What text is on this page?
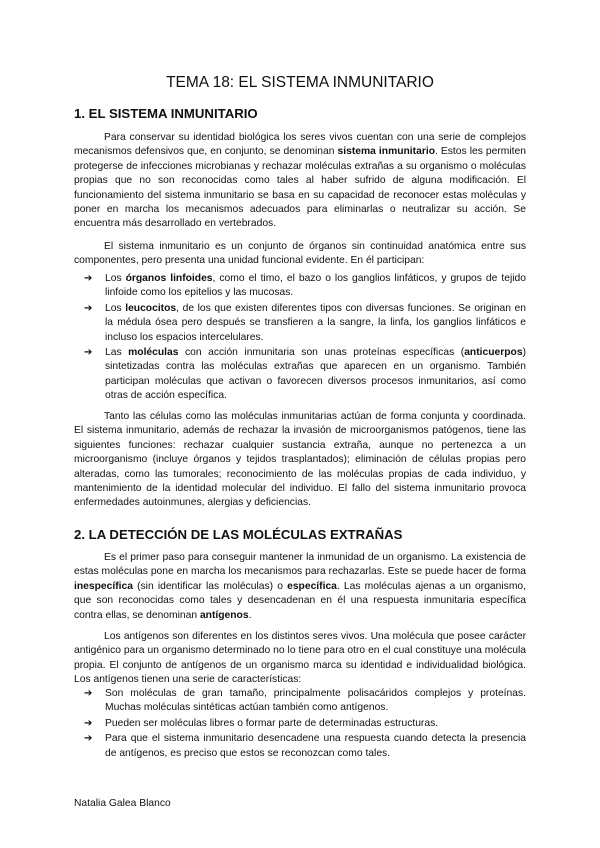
TEMA 18: EL SISTEMA INMUNITARIO
1. EL SISTEMA INMUNITARIO

Para conservar su identidad biológica los seres vivos cuentan con una serie de complejos mecanismos defensivos que, en conjunto, se denominan sistema inmunitario. Estos les permiten protegerse de infecciones microbianas y rechazar moléculas extrañas a su organismo o moléculas propias que no son reconocidas como tales al haber sufrido de alguna modificación. El funcionamiento del sistema inmunitario se basa en su capacidad de reconocer estas moléculas y poner en marcha los mecanismos adecuados para eliminarlas o neutralizar su acción. Se encuentra más desarrollado en vertebrados.

El sistema inmunitario es un conjunto de órganos sin continuidad anatómica entre sus componentes, pero presenta una unidad funcional evidente. En él participan:

➔ Los órganos linfoides, como el timo, el bazo o los ganglios linfáticos, y grupos de tejido linfoide como los epitelios y las mucosas.
➔ Los leucocitos, de los que existen diferentes tipos con diversas funciones. Se originan en la médula ósea pero después se transfieren a la sangre, la linfa, los ganglios linfáticos e incluso los espacios intercelulares.
➔ Las moléculas con acción inmunitaria son unas proteínas específicas (anticuerpos) sintetizadas contra las moléculas extrañas que aparecen en un organismo. También participan moléculas que activan o favorecen diversos procesos inmunitarios, así como otras de acción específica.

Tanto las células como las moléculas inmunitarias actúan de forma conjunta y coordinada. El sistema inmunitario, además de rechazar la invasión de microorganismos patógenos, tiene las siguientes funciones: rechazar cualquier sustancia extraña, aunque no pertenezca a un microorganismo (incluye órganos y tejidos trasplantados); eliminación de células propias pero alteradas, como las tumorales; reconocimiento de las moléculas propias de cada individuo, y mantenimiento de la identidad molecular del individuo. El fallo del sistema inmunitario provoca enfermedades autoinmunes, alergias y deficiencias.

2. LA DETECCIÓN DE LAS MOLÉCULAS EXTRAÑAS

Es el primer paso para conseguir mantener la inmunidad de un organismo. La existencia de estas moléculas pone en marcha los mecanismos para rechazarlas. Este se puede hacer de forma inespecífica (sin identificar las moléculas) o específica. Las moléculas ajenas a un organismo, que son reconocidas como tales y desencadenan en él una respuesta inmunitaria específica contra ellas, se denominan antígenos.

Los antígenos son diferentes en los distintos seres vivos. Una molécula que posee carácter antigénico para un organismo determinado no lo tiene para otro en el cual constituye una molécula propia. El conjunto de antígenos de un organismo marca su identidad e individualidad biológica. Los antígenos tienen una serie de características:

➔ Son moléculas de gran tamaño, principalmente polisacáridos complejos y proteínas. Muchas moléculas sintéticas actúan también como antígenos.
➔ Pueden ser moléculas libres o formar parte de determinadas estructuras.
➔ Para que el sistema inmunitario desencadene una respuesta cuando detecta la presencia de antígenos, es preciso que estos se reconozcan como tales.

Natalia Galea Blanco
